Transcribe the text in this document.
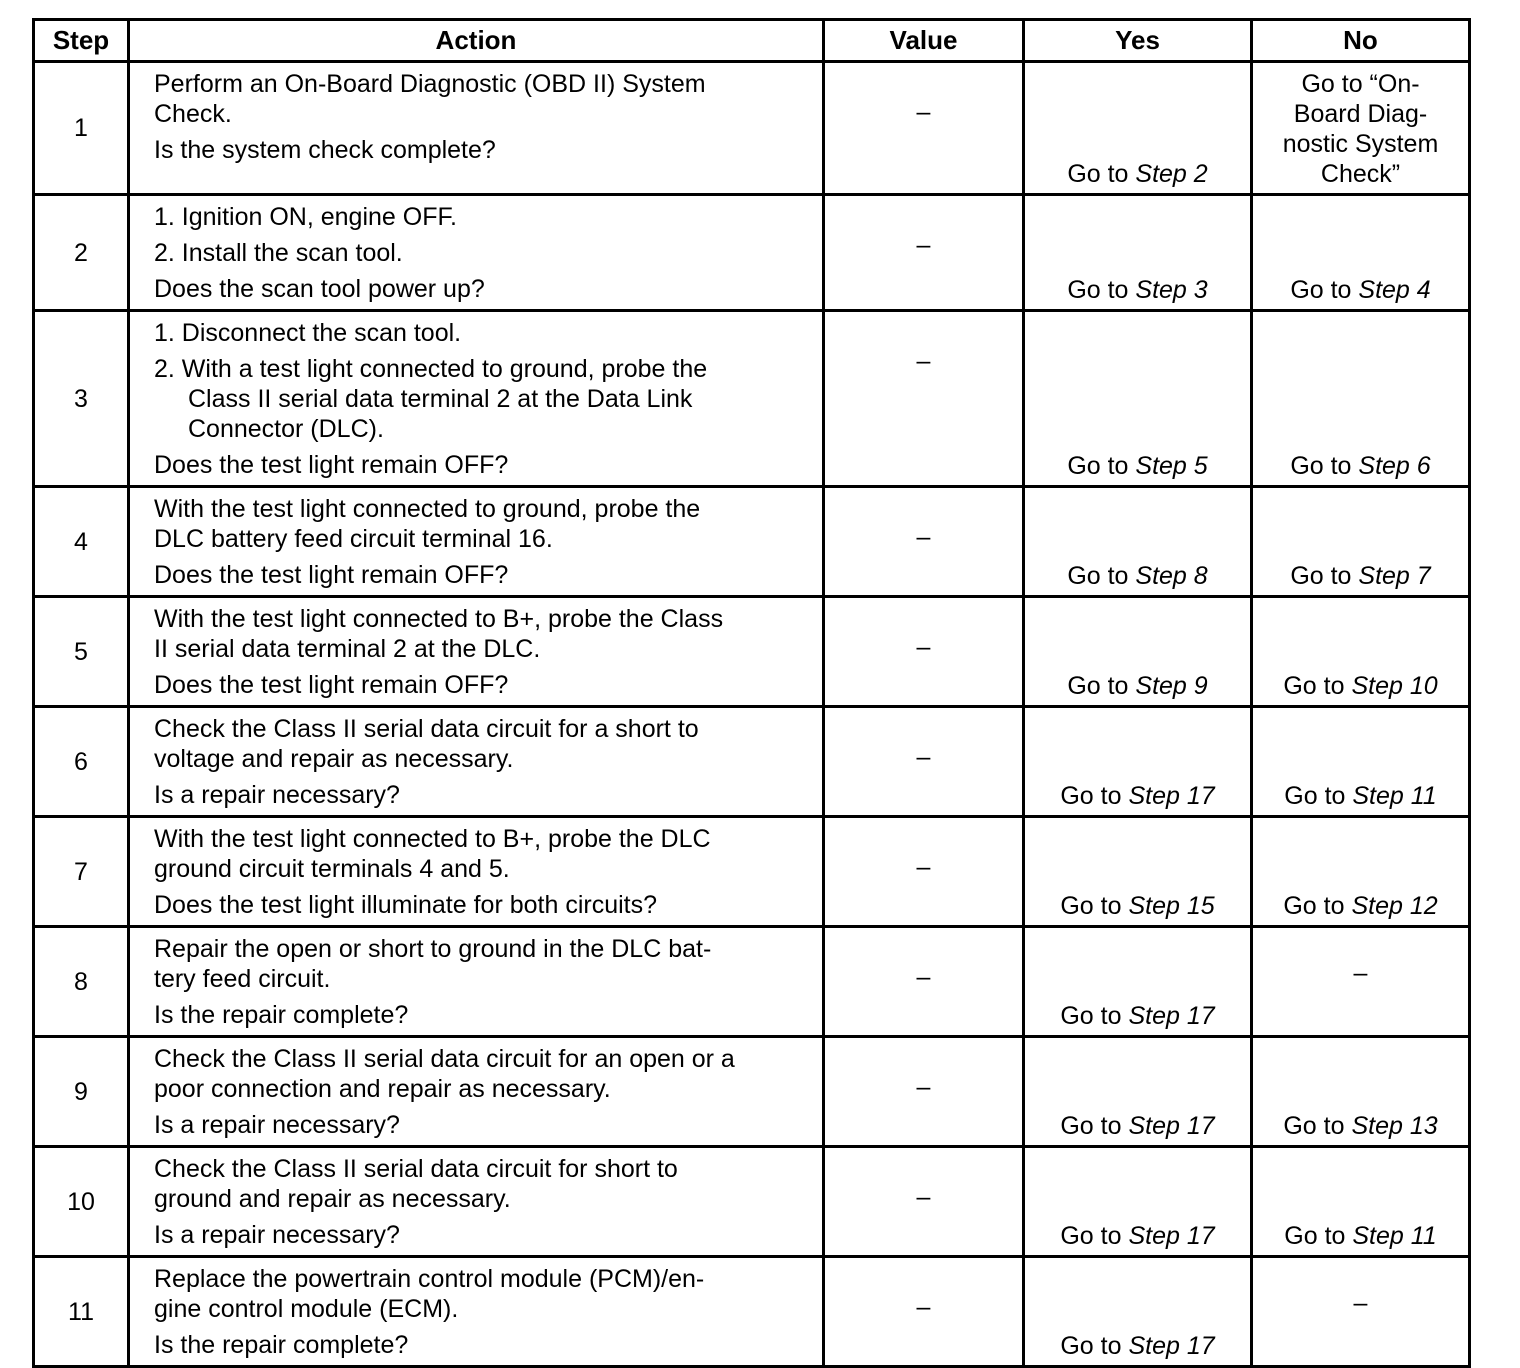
Step	Action	Value	Yes	No
1	Perform an On-Board Diagnostic (OBD II) System
Check.
Is the system check complete?	–	Go to Step 2	Go to “On-
Board Diag-
nostic System
Check”

2	1. Ignition ON, engine OFF.
2. Install the scan tool.
Does the scan tool power up?	–	Go to Step 3	Go to Step 4
3	1. Disconnect the scan tool.
2. With a test light connected to ground, probe the
Class II serial data terminal 2 at the Data Link
Connector (DLC).
Does the test light remain OFF?	–	Go to Step 5	Go to Step 6
4	With the test light connected to ground, probe the
DLC battery feed circuit terminal 16.
Does the test light remain OFF?	–	Go to Step 8	Go to Step 7
5	With the test light connected to B+, probe the Class
II serial data terminal 2 at the DLC.
Does the test light remain OFF?	–	Go to Step 9	Go to Step 10
6	Check the Class II serial data circuit for a short to
voltage and repair as necessary.
Is a repair necessary?	–	Go to Step 17	Go to Step 11
7	With the test light connected to B+, probe the DLC
ground circuit terminals 4 and 5.
Does the test light illuminate for both circuits?	–	Go to Step 15	Go to Step 12
8	Repair the open or short to ground in the DLC bat-
tery feed circuit.
Is the repair complete?	–	Go to Step 17	–
9	Check the Class II serial data circuit for an open or a
poor connection and repair as necessary.
Is a repair necessary?	–	Go to Step 17	Go to Step 13
10	Check the Class II serial data circuit for short to
ground and repair as necessary.
Is a repair necessary?	–	Go to Step 17	Go to Step 11
11	Replace the powertrain control module (PCM)/en-
gine control module (ECM).
Is the repair complete?	–	Go to Step 17	–
